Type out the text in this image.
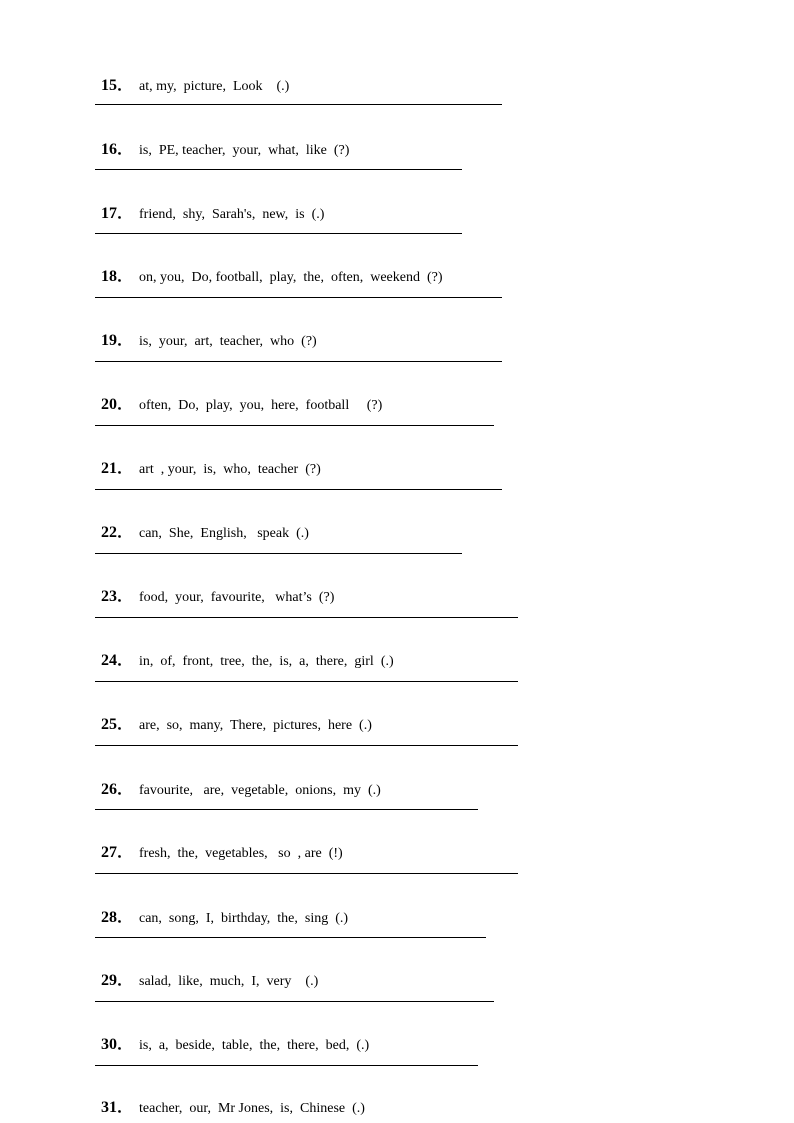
15． at, my,  picture,  Look    (.)

16． is,  PE, teacher,  your,  what,  like  (?)

17． friend,  shy,  Sarah's,  new,  is  (.)

18． on, you,  Do, football,  play,  the,  often,  weekend  (?)

19． is,  your,  art,  teacher,  who  (?)

20． often,  Do,  play,  you,  here,  football     (?)

21． art  , your,  is,  who,  teacher  (?)

22． can,  She,  English,   speak  (.)

23． food,  your,  favourite,   what’s  (?)

24． in,  of,  front,  tree,  the,  is,  a,  there,  girl  (.)

25． are,  so,  many,  There,  pictures,  here  (.)

26． favourite,   are,  vegetable,  onions,  my  (.)

27． fresh,  the,  vegetables,   so  , are  (!)

28． can,  song,  I,  birthday,  the,  sing  (.)

29． salad,  like,  much,  I,  very    (.)

30． is,  a,  beside,  table,  the,  there,  bed,  (.)

31． teacher,  our,  Mr Jones,  is,  Chinese  (.)
